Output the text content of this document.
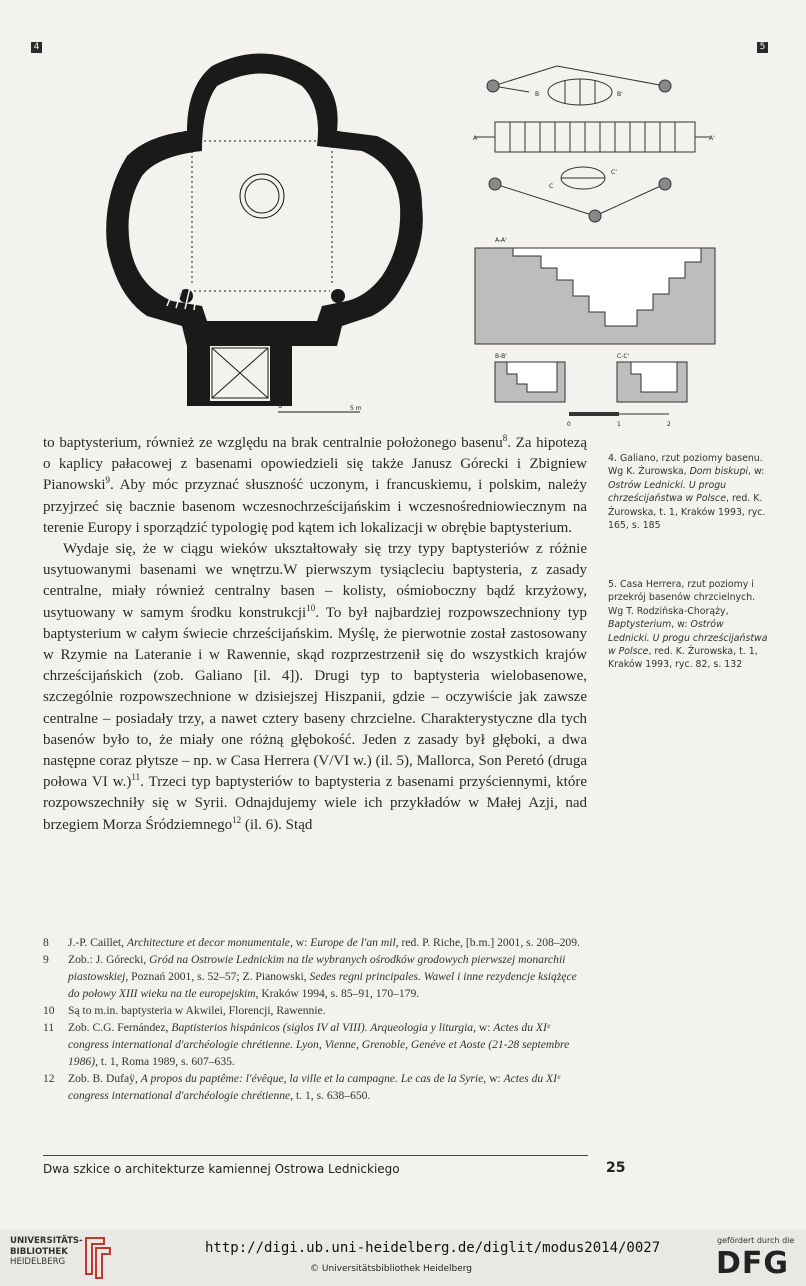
4	5
0	5 m
B	B'
A	A'
C
C'
A-A'
B-B'	C-C'
0	1	2

to baptysterium, również ze względu na brak centralnie położonego basenu$^8$. Za hipotezą o kaplicy pałacowej z basenami opowiedzieli się także Janusz Górecki i Zbigniew Pianowski$^9$. Aby móc przyznać słuszność uczonym, i francuskiemu, i polskim, należy przyjrzeć się bacznie basenom wczesnochrześcijańskim i wczesnośredniowiecznym na terenie Europy i sporządzić typologię pod kątem ich lokalizacji w obrębie baptysterium.

Wydaje się, że w ciągu wieków ukształtowały się trzy typy baptysteriów z różnie usytuowanymi basenami we wnętrzu.W pierwszym tysiącleciu baptysteria, z zasady centralne, miały również centralny basen – kolisty, ośmioboczny bądź krzyżowy, usytuowany w samym środku konstrukcji$^{10}$. To był najbardziej rozpowszechniony typ baptysterium w całym świecie chrześcijańskim. Myślę, że pierwotnie został zastosowany w Rzymie na Lateranie i w Rawennie, skąd rozprzestrzenił się do wszystkich krajów chrześcijańskich (zob. Galiano [il. 4]). Drugi typ to baptysteria wielobasenowe, szczególnie rozpowszechnione w dzisiejszej Hiszpanii, gdzie – oczywiście jak zawsze centralne – posiadały trzy, a nawet cztery baseny chrzcielne. Charakterystyczne dla tych basenów było to, że miały one różną głębokość. Jeden z zasady był głęboki, a dwa następne coraz płytsze – np. w Casa Herrera (V/VI w.) (il. 5), Mallorca, Son Peretó (druga połowa VI w.)$^{11}$. Trzeci typ baptysteriów to baptysteria z basenami przyściennymi, które rozpowszechniły się w Syrii. Odnajdujemy wiele ich przykładów w Małej Azji, nad brzegiem Morza Śródziemnego$^{12}$ (il. 6). Stąd

4. Galiano, rzut poziomy basenu. Wg K. Żurowska, Dom biskupi, w: Ostrów Lednicki. U progu chrześcijaństwa w Polsce, red. K. Żurowska, t. 1, Kraków 1993, ryc. 165, s. 185
5. Casa Herrera, rzut poziomy i przekrój basenów chrzcielnych. Wg T. Rodzińska-Chorąży, Baptysterium, w: Ostrów Lednicki. U progu chrześcijaństwa w Polsce, red. K. Żurowska, t. 1, Kraków 1993, ryc. 82, s. 132
8	J.-P. Caillet, Architecture et decor monumentale, w: Europe de l'an mil, red. P. Riche, [b.m.] 2001, s. 208–209.
9	Zob.: J. Górecki, Gród na Ostrowie Lednickim na tle wybranych ośrodków grodowych pierwszej monarchii piastowskiej, Poznań 2001, s. 52–57; Z. Pianowski, Sedes regni principales. Wawel i inne rezydencje książęce do połowy XIII wieku na tle europejskim, Kraków 1994, s. 85–91, 170–179.
10	Są to m.in. baptysteria w Akwilei, Florencji, Rawennie.
11	Zob. C.G. Fernández, Baptisterios hispánicos (siglos IV al VIII). Arqueologia y liturgia, w: Actes du XIᵉ congress international d'archéologie chrétienne. Lyon, Vienne, Grenoble, Genéve et Aoste (21-28 septembre 1986), t. 1, Roma 1989, s. 607–635.
12	Zob. B. Dufaÿ, A propos du paptême: l'évêque, la ville et la campagne. Le cas de la Syrie, w: Actes du XIᵉ congress international d'archéologie chrétienne, t. 1, s. 638–650.
Dwa szkice o architekturze kamiennej Ostrowa Lednickiego	25
UNIVERSITÄTS-
BIBLIOTHEK
HEIDELBERG
http://digi.ub.uni-heidelberg.de/diglit/modus2014/0027
© Universitätsbibliothek Heidelberg
gefördert durch die
DFG
